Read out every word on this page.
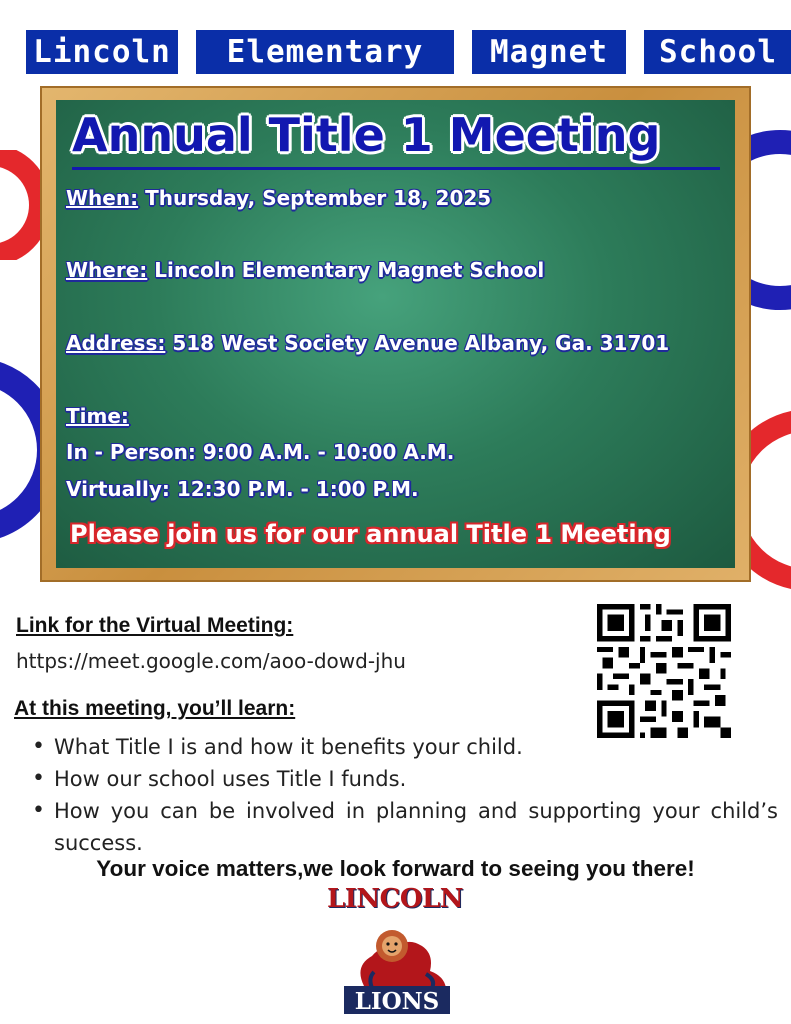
Lincoln	Elementary	Magnet	School
Annual Title 1 Meeting
When: Thursday, September 18, 2025
Where: Lincoln Elementary Magnet School
Address: 518 West Society Avenue Albany, Ga. 31701
Time:
In - Person: 9:00 A.M. - 10:00 A.M.
Virtually: 12:30 P.M. - 1:00 P.M.
Please join us for our annual Title 1 Meeting
Link for the Virtual Meeting:
https://meet.google.com/aoo-dowd-jhu
At this meeting, you’ll learn:
• What Title I is and how it benefits your child.
• How our school uses Title I funds.
• How you can be involved in planning and supporting your child’s success.
Your voice matters,we look forward to seeing you there!
LINCOLN
LIONS
